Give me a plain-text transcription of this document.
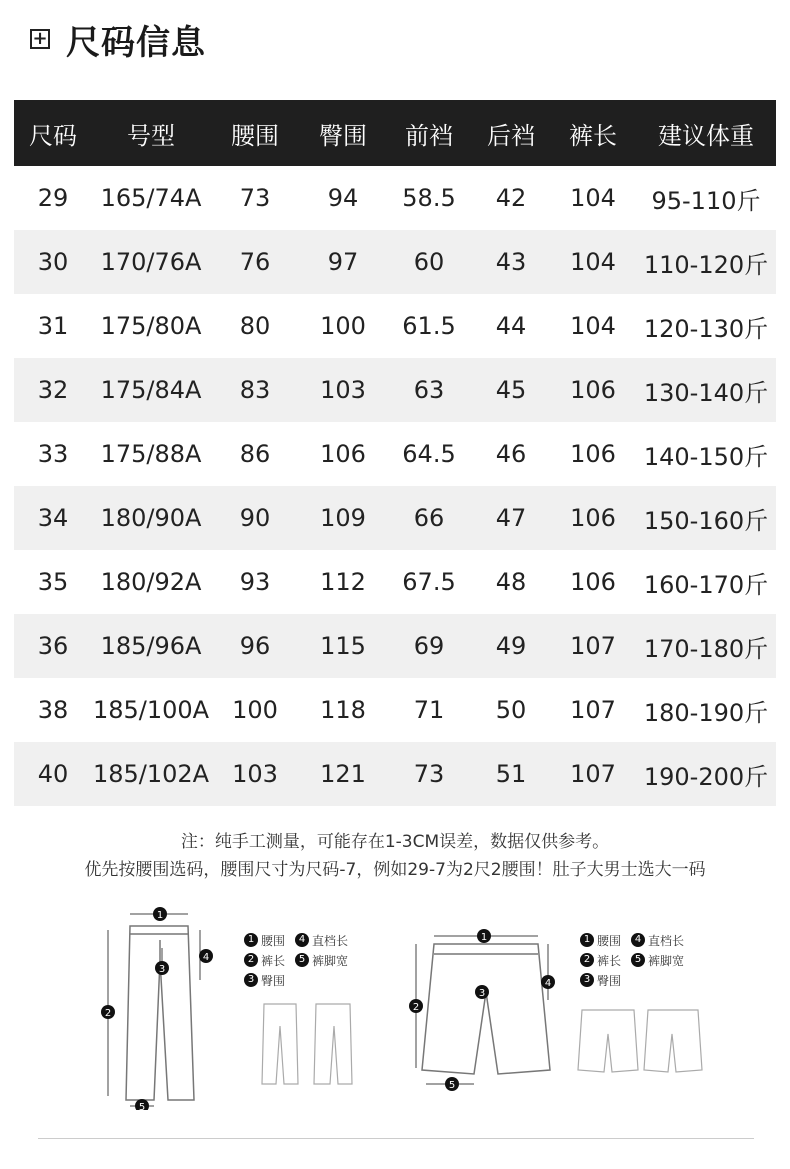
+ 尺码信息
尺码	号型	腰围	臀围	前裆	后裆	裤长	建议体重
29	165/74A	73	94	58.5	42	104	95-110斤
30	170/76A	76	97	60	43	104	110-120斤
31	175/80A	80	100	61.5	44	104	120-130斤
32	175/84A	83	103	63	45	106	130-140斤
33	175/88A	86	106	64.5	46	106	140-150斤
34	180/90A	90	109	66	47	106	150-160斤
35	180/92A	93	112	67.5	48	106	160-170斤
36	185/96A	96	115	69	49	107	170-180斤
38	185/100A	100	118	71	50	107	180-190斤
40	185/102A	103	121	73	51	107	190-200斤
注：纯手工测量，可能存在1-3CM误差，数据仅供参考。
优先按腰围选码，腰围尺寸为尺码-7，例如29-7为2尺2腰围！肚子大男士选大一码
1
2
3
4
5
1 腰围	4 直档长
2 裤长	5 裤脚宽
3 臀围
1
2
3
4
5
1 腰围	4 直档长
2 裤长	5 裤脚宽
3 臀围
